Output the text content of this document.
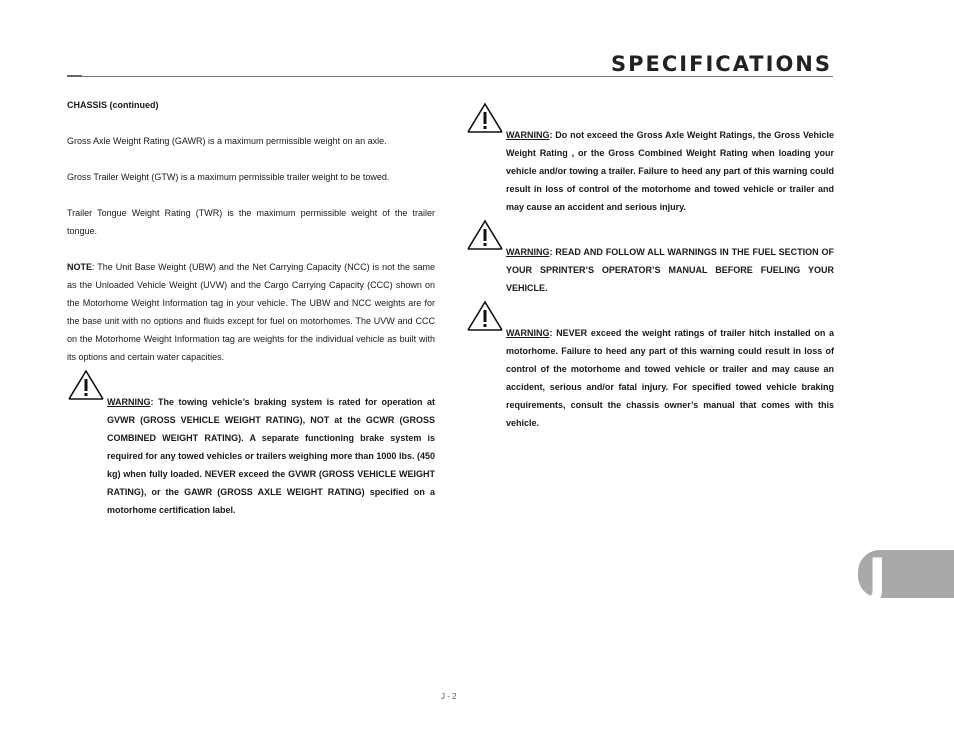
SPECIFICATIONS

CHASSIS (continued)

Gross Axle Weight Rating (GAWR) is a maximum permissible weight on an axle.

Gross Trailer Weight (GTW) is a maximum permissible trailer weight to be towed.

Trailer Tongue Weight Rating (TWR) is the maximum permissible weight of the trailer tongue.

NOTE: The Unit Base Weight (UBW) and the Net Carrying Capacity (NCC) is not the same as the Unloaded Vehicle Weight (UVW) and the Cargo Carrying Capacity (CCC) shown on the Motorhome Weight Information tag in your vehicle. The UBW and NCC weights are for the base unit with no options and fluids except for fuel on motorhomes. The UVW and CCC on the Motorhome Weight Information tag are weights for the individual vehicle as built with its options and certain water capacities.

WARNING: The towing vehicle’s braking system is rated for operation at GVWR (GROSS VEHICLE WEIGHT RATING), NOT at the GCWR (GROSS COMBINED WEIGHT RATING). A separate functioning brake system is required for any towed vehicles or trailers weighing more than 1000 lbs. (450 kg) when fully loaded. NEVER exceed the GVWR (GROSS VEHICLE WEIGHT RATING), or the GAWR (GROSS AXLE WEIGHT RATING) specified on a motorhome certification label.
WARNING: Do not exceed the Gross Axle Weight Ratings, the Gross Vehicle Weight Rating , or the Gross Combined Weight Rating when loading your vehicle and/or towing a trailer. Failure to heed any part of this warning could result in loss of control of the motorhome and towed vehicle or trailer and may cause an accident and serious injury.
WARNING: READ AND FOLLOW ALL WARNINGS IN THE FUEL SECTION OF YOUR SPRINTER’S OPERATOR’S MANUAL BEFORE FUELING YOUR VEHICLE.
WARNING: NEVER exceed the weight ratings of trailer hitch installed on a motorhome. Failure to heed any part of this warning could result in loss of control of the motorhome and towed vehicle or trailer and may cause an accident, serious and/or fatal injury. For specified towed vehicle braking requirements, consult the chassis owner’s manual that comes with this vehicle.
J
J - 2
